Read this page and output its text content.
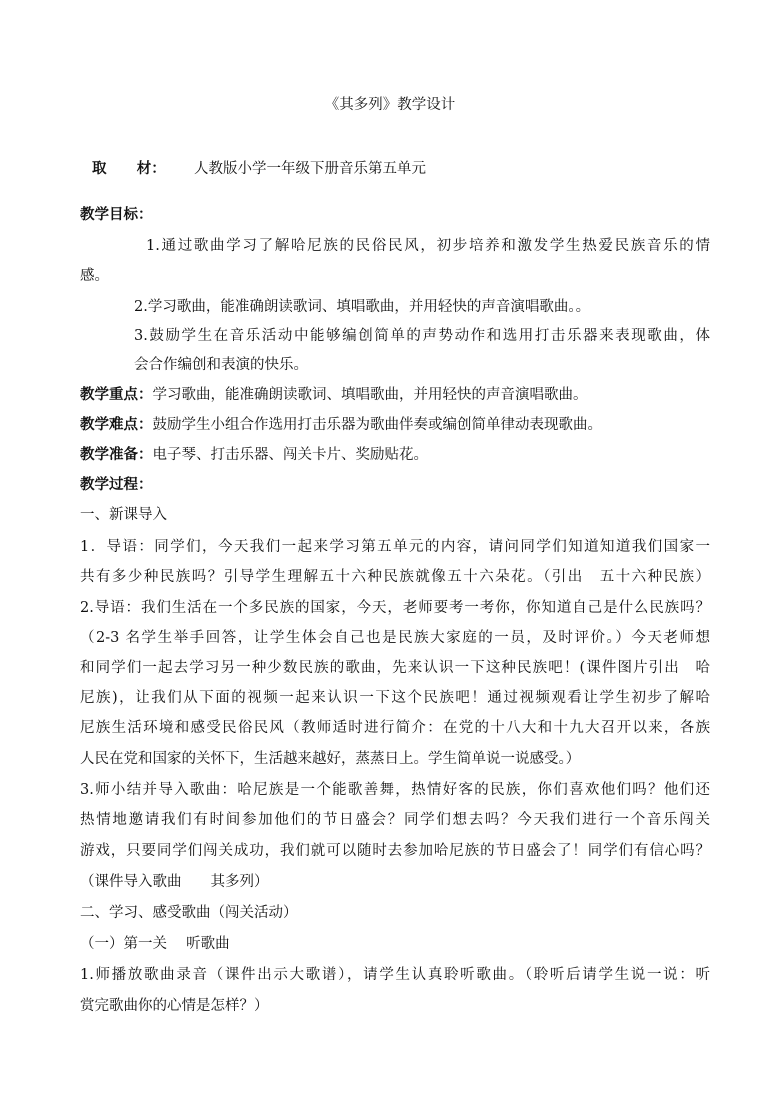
《其多列》教学设计
取      材： 人教版小学一年级下册音乐第五单元
教学目标：
1.通过歌曲学习了解哈尼族的民俗民风，初步培养和激发学生热爱民族音乐的情
感。
2.学习歌曲，能准确朗读歌词、填唱歌曲，并用轻快的声音演唱歌曲。。
3.鼓励学生在音乐活动中能够编创简单的声势动作和选用打击乐器来表现歌曲，体
会合作编创和表演的快乐。
教学重点：学习歌曲，能准确朗读歌词、填唱歌曲，并用轻快的声音演唱歌曲。
教学难点：鼓励学生小组合作选用打击乐器为歌曲伴奏或编创简单律动表现歌曲。
教学准备：电子琴、打击乐器、闯关卡片、奖励贴花。
教学过程：
一、新课导入
1．导语：同学们，今天我们一起来学习第五单元的内容，请问同学们知道知道我们国家一
共有多少种民族吗？引导学生理解五十六种民族就像五十六朵花。（引出　五十六种民族）
2.导语：我们生活在一个多民族的国家，今天，老师要考一考你，你知道自己是什么民族吗？
（2-3 名学生举手回答，让学生体会自己也是民族大家庭的一员，及时评价。）今天老师想
和同学们一起去学习另一种少数民族的歌曲，先来认识一下这种民族吧！(课件图片引出　哈
尼族)，让我们从下面的视频一起来认识一下这个民族吧！通过视频观看让学生初步了解哈
尼族生活环境和感受民俗民风（教师适时进行简介：在党的十八大和十九大召开以来，各族
人民在党和国家的关怀下，生活越来越好，蒸蒸日上。学生简单说一说感受。）
3.师小结并导入歌曲：哈尼族是一个能歌善舞，热情好客的民族，你们喜欢他们吗？他们还
热情地邀请我们有时间参加他们的节日盛会？同学们想去吗？今天我们进行一个音乐闯关
游戏，只要同学们闯关成功，我们就可以随时去参加哈尼族的节日盛会了！同学们有信心吗？
（课件导入歌曲　　其多列）
二、学习、感受歌曲（闯关活动）
（一）第一关　 听歌曲
1.师播放歌曲录音（课件出示大歌谱），请学生认真聆听歌曲。（聆听后请学生说一说：听
赏完歌曲你的心情是怎样？）
